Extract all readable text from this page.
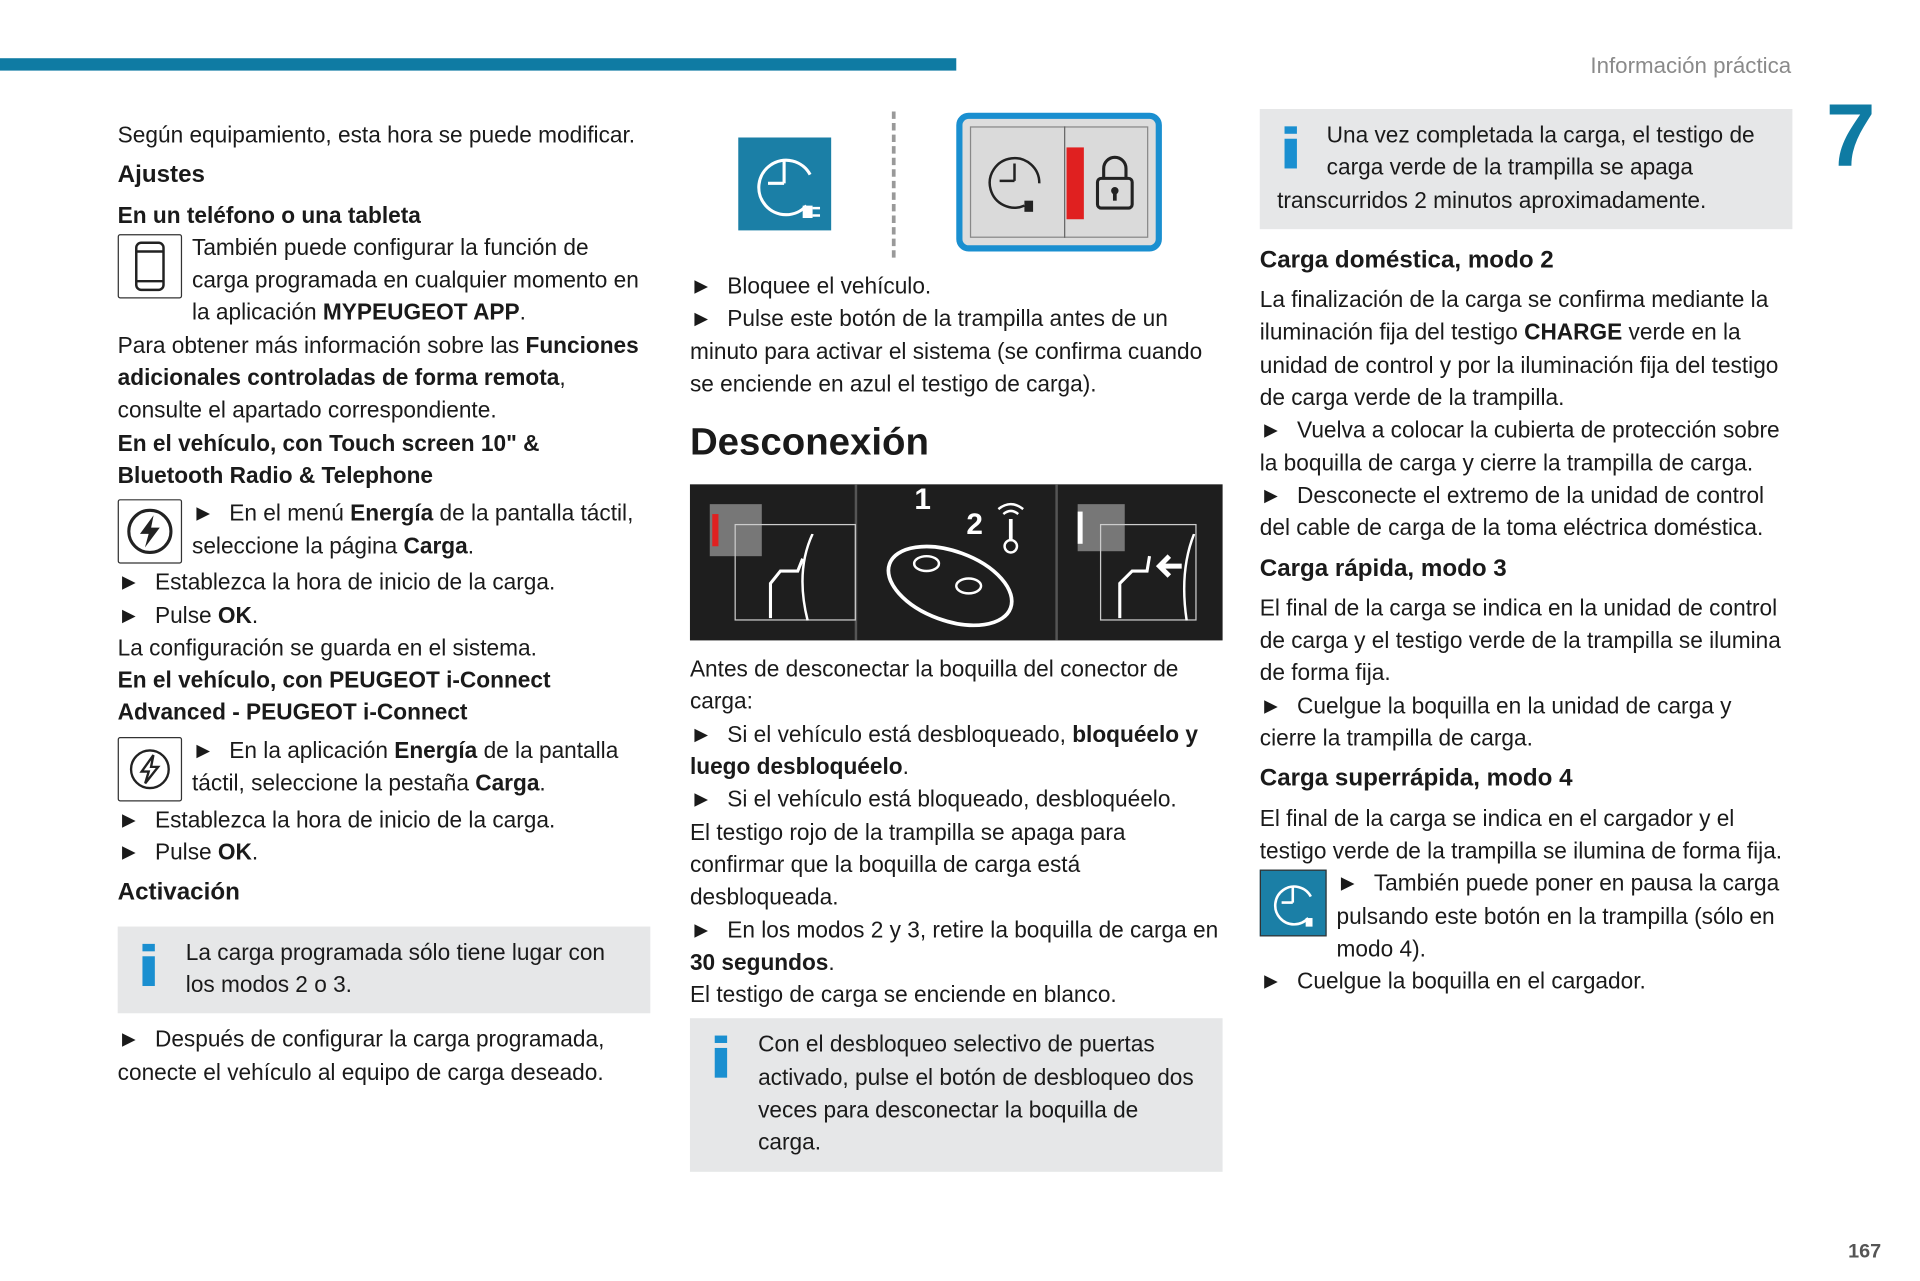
Información práctica
7
167

Según equipamiento, esta hora se puede modificar.

Ajustes

En un teléfono o una tableta

También puede configurar la función de carga programada en cualquier momento en la aplicación MYPEUGEOT APP.

Para obtener más información sobre las Funciones adicionales controladas de forma remota, consulte el apartado correspondiente.

En el vehículo, con Touch screen 10" & Bluetooth Radio & Telephone

► En el menú Energía de la pantalla táctil, seleccione la página Carga.

► Establezca la hora de inicio de la carga.

► Pulse OK.

La configuración se guarda en el sistema.

En el vehículo, con PEUGEOT i-Connect Advanced - PEUGEOT i-Connect

► En la aplicación Energía de la pantalla táctil, seleccione la pestaña Carga.

► Establezca la hora de inicio de la carga.

► Pulse OK.

Activación

La carga programada sólo tiene lugar con los modos 2 o 3.

► Después de configurar la carga programada, conecte el vehículo al equipo de carga deseado.

► Bloquee el vehículo.

► Pulse este botón de la trampilla antes de un minuto para activar el sistema (se confirma cuando se enciende en azul el testigo de carga).

Desconexión

1
2

Antes de desconectar la boquilla del conector de carga:

► Si el vehículo está desbloqueado, bloquéelo y luego desbloquéelo.

► Si el vehículo está bloqueado, desbloquéelo.

El testigo rojo de la trampilla se apaga para confirmar que la boquilla de carga está desbloqueada.

► En los modos 2 y 3, retire la boquilla de carga en 30 segundos.

El testigo de carga se enciende en blanco.

Con el desbloqueo selectivo de puertas activado, pulse el botón de desbloqueo dos veces para desconectar la boquilla de carga.
Una vez completada la carga, el testigo de carga verde de la trampilla se apaga
transcurridos 2 minutos aproximadamente.

Carga doméstica, modo 2

La finalización de la carga se confirma mediante la iluminación fija del testigo CHARGE verde en la unidad de control y por la iluminación fija del testigo de carga verde de la trampilla.

► Vuelva a colocar la cubierta de protección sobre la boquilla de carga y cierre la trampilla de carga.

► Desconecte el extremo de la unidad de control del cable de carga de la toma eléctrica doméstica.

Carga rápida, modo 3

El final de la carga se indica en la unidad de control de carga y el testigo verde de la trampilla se ilumina de forma fija.

► Cuelgue la boquilla en la unidad de carga y cierre la trampilla de carga.

Carga superrápida, modo 4

El final de la carga se indica en el cargador y el testigo verde de la trampilla se ilumina de forma fija.

► También puede poner en pausa la carga pulsando este botón en la trampilla (sólo en modo 4).

► Cuelgue la boquilla en el cargador.
